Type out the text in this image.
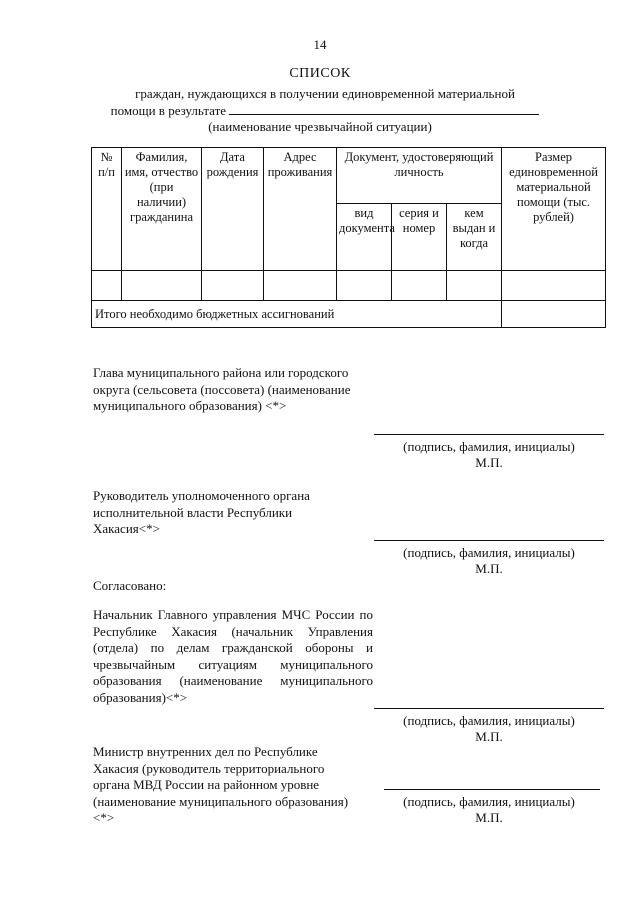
14
СПИСОК
граждан, нуждающихся в получении единовременной материальной
помощи в результате
(наименование чрезвычайной ситуации)
№ п/п	Фамилия, имя, отчество (при наличии) гражданина	Дата рождения	Адрес проживания	Документ, удостоверяющий личность			Размер единовременной материальной помощи (тыс. рублей)
				вид документа	серия и номер	кем выдан и когда	

Итого необходимо бюджетных ассигнований							
Глава муниципального района или городского округа (сельсовета (поссовета) (наименование муниципального образования) <*>
(подпись, фамилия, инициалы)
М.П.
Руководитель уполномоченного органа исполнительной власти Республики Хакасия<*>
(подпись, фамилия, инициалы)
М.П.
Согласовано:
Начальник Главного управления МЧС России по Республике Хакасия (начальник Управления (отдела) по делам гражданской обороны и чрезвычайным ситуациям муниципального образования (наименование муниципального образования)<*>
(подпись, фамилия, инициалы)
М.П.
Министр внутренних дел по Республике Хакасия (руководитель территориального органа МВД России на районном уровне (наименование муниципального образования)<*>
(подпись, фамилия, инициалы)
М.П.
